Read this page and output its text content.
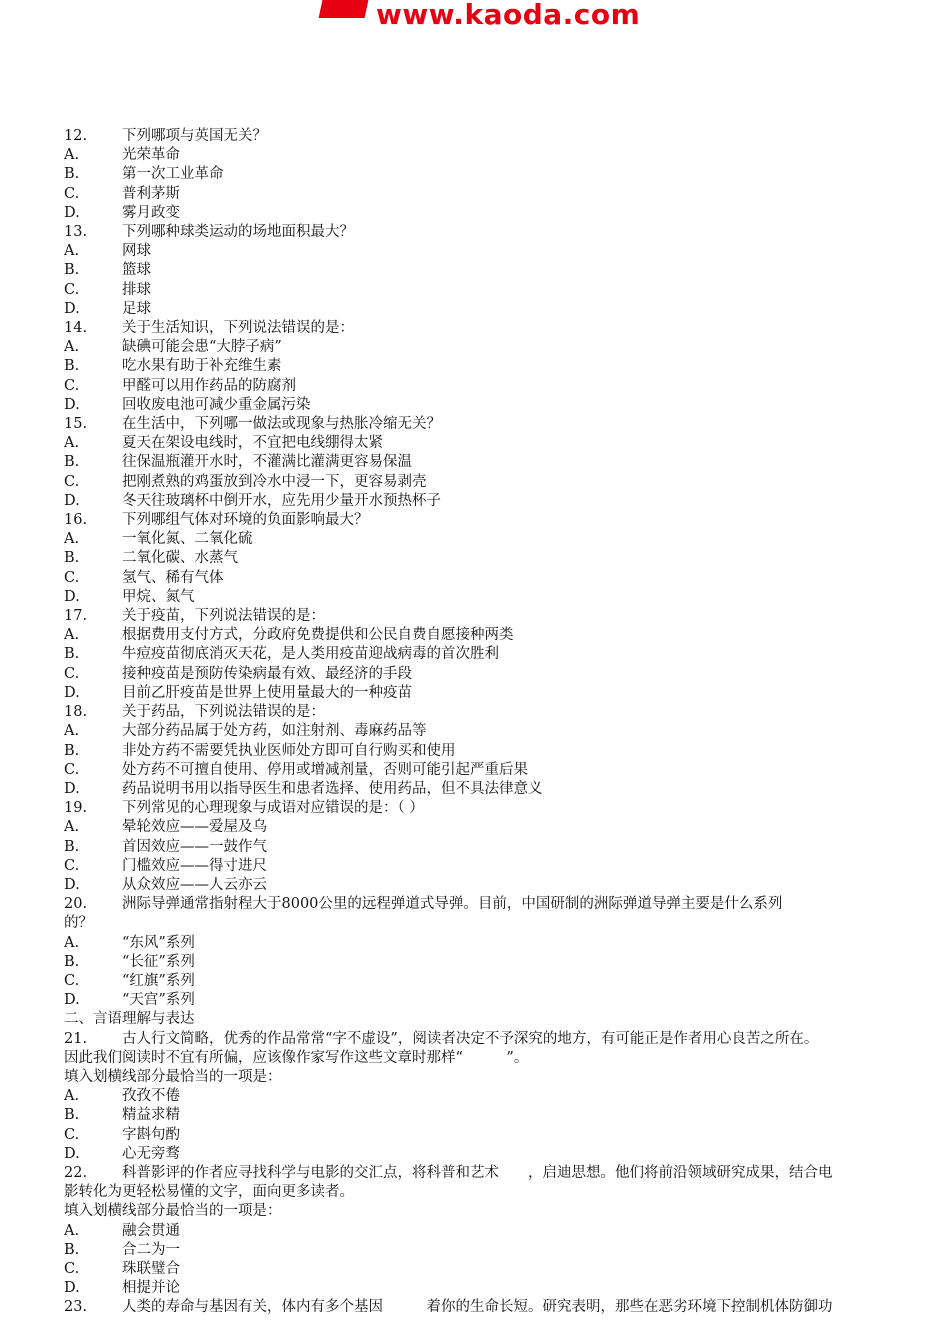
www.kaoda.com
12.	下列哪项与英国无关？
A.	光荣革命
B.	第一次工业革命
C.	普利茅斯
D.	雾月政变
13.	下列哪种球类运动的场地面积最大？
A.	网球
B.	篮球
C.	排球
D.	足球
14.	关于生活知识，下列说法错误的是：
A.	缺碘可能会患“大脖子病”
B.	吃水果有助于补充维生素
C.	甲醛可以用作药品的防腐剂
D.	回收废电池可减少重金属污染
15.	在生活中，下列哪一做法或现象与热胀冷缩无关？
A.	夏天在架设电线时，不宜把电线绷得太紧
B.	往保温瓶灌开水时，不灌满比灌满更容易保温
C.	把刚煮熟的鸡蛋放到冷水中浸一下，更容易剥壳
D.	冬天往玻璃杯中倒开水，应先用少量开水预热杯子
16.	下列哪组气体对环境的负面影响最大？
A.	一氧化氮、二氧化硫
B.	二氧化碳、水蒸气
C.	氢气、稀有气体
D.	甲烷、氮气
17.	关于疫苗，下列说法错误的是：
A.	根据费用支付方式，分政府免费提供和公民自费自愿接种两类
B.	牛痘疫苗彻底消灭天花，是人类用疫苗迎战病毒的首次胜利
C.	接种疫苗是预防传染病最有效、最经济的手段
D.	目前乙肝疫苗是世界上使用量最大的一种疫苗
18.	关于药品，下列说法错误的是：
A.	大部分药品属于处方药，如注射剂、毒麻药品等
B.	非处方药不需要凭执业医师处方即可自行购买和使用
C.	处方药不可擅自使用、停用或增减剂量，否则可能引起严重后果
D.	药品说明书用以指导医生和患者选择、使用药品，但不具法律意义
19.	下列常见的心理现象与成语对应错误的是：（ ）
A.	晕轮效应——爱屋及乌
B.	首因效应——一鼓作气
C.	门槛效应——得寸进尺
D.	从众效应——人云亦云
20.	洲际导弹通常指射程大于8000公里的远程弹道式导弹。目前，中国研制的洲际弹道导弹主要是什么系列
的？
A.	“东风”系列
B.	“长征”系列
C.	“红旗”系列
D.	“天宫”系列
二、言语理解与表达
21.	古人行文简略，优秀的作品常常“字不虚设”，阅读者决定不予深究的地方，有可能正是作者用心良苦之所在。
因此我们阅读时不宜有所偏，应该像作家写作这些文章时那样“　　　”。
填入划横线部分最恰当的一项是：
A.	孜孜不倦
B.	精益求精
C.	字斟句酌
D.	心无旁骛
22.	科普影评的作者应寻找科学与电影的交汇点，将科普和艺术　　，启迪思想。他们将前沿领域研究成果，结合电
影转化为更轻松易懂的文字，面向更多读者。
填入划横线部分最恰当的一项是：
A.	融会贯通
B.	合二为一
C.	珠联璧合
D.	相提并论
23.	人类的寿命与基因有关，体内有多个基因　　　着你的生命长短。研究表明，那些在恶劣环境下控制机体防御功
